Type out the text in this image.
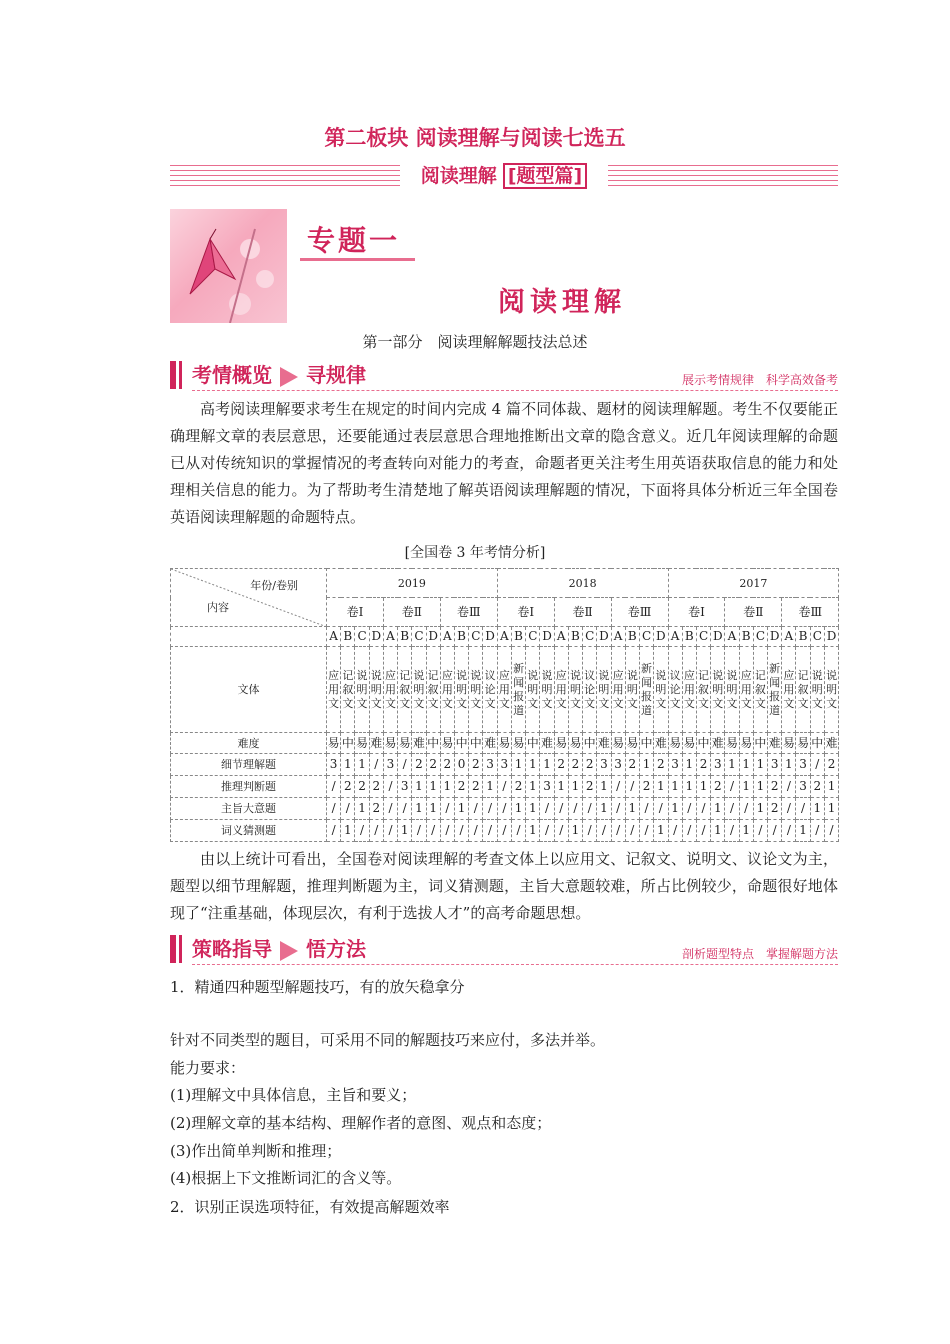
第二板块 阅读理解与阅读七选五
阅读理解 [题型篇]
专题一
阅读理解
第一部分　阅读理解解题技法总述
考情概览 寻规律	展示考情规律　科学高效备考
高考阅读理解要求考生在规定的时间内完成 4 篇不同体裁、题材的阅读理解题。考生不仅要能正确理解文章的表层意思，还要能通过表层意思合理地推断出文章的隐含意义。近几年阅读理解的命题已从对传统知识的掌握情况的考查转向对能力的考查，命题者更关注考生用英语获取信息的能力和处理相关信息的能力。为了帮助考生清楚地了解英语阅读理解题的情况，下面将具体分析近三年全国卷英语阅读理解题的命题特点。
[全国卷 3 年考情分析]
年份/卷别
内容	2019												2018												2017											
	卷Ⅰ				卷Ⅱ				卷Ⅲ				卷Ⅰ				卷Ⅱ				卷Ⅲ				卷Ⅰ				卷Ⅱ				卷Ⅲ			
	A	B	C	D	A	B	C	D	A	B	C	D	A	B	C	D	A	B	C	D	A	B	C	D	A	B	C	D	A	B	C	D	A	B	C	D
文体	应用文	记叙文	说明文	说明文	应用文	记叙文	说明文	记叙文	应用文	说明文	说明文	议论文	应用文	新闻报道	说明文	说明文	应用文	说明文	议论文	说明文	应用文	说明文	新闻报道	说明文	议论文	应用文	记叙文	说明文	说明文	应用文	记叙文	新闻报道	应用文	记叙文	说明文	说明文
难度	易	中	易	难	易	易	难	中	易	中	中	难	易	易	中	难	易	易	中	难	易	易	中	难	易	易	中	难	易	易	中	难	易	易	中	难
细节理解题	3	1	1	/	3	/	2	2	2	0	2	3	3	1	1	1	2	2	2	3	3	2	1	2	3	1	2	3	1	1	1	3	1	3	/	2
推理判断题	/	2	2	2	/	3	1	1	1	2	2	1	/	2	1	3	1	1	2	1	/	/	2	1	1	1	1	2	/	1	1	2	/	3	2	1
主旨大意题	/	/	1	2	/	/	1	1	/	1	/	/	/	1	1	/	/	/	/	1	/	1	/	/	1	/	/	1	/	/	1	2	/	/	1	1
词义猜测题	/	1	/	/	/	1	/	/	/	/	/	/	/	/	1	/	/	1	/	/	/	/	/	1	/	/	/	1	/	1	/	/	/	1	/	/
由以上统计可看出，全国卷对阅读理解的考查文体上以应用文、记叙文、说明文、议论文为主，题型以细节理解题，推理判断题为主，词义猜测题，主旨大意题较难，所占比例较少，命题很好地体现了“注重基础，体现层次，有利于选拔人才”的高考命题思想。
策略指导 悟方法	剖析题型特点　掌握解题方法
1．精通四种题型解题技巧，有的放矢稳拿分
针对不同类型的题目，可采用不同的解题技巧来应付，多法并举。
能力要求：
(1)理解文中具体信息，主旨和要义；
(2)理解文章的基本结构、理解作者的意图、观点和态度；
(3)作出简单判断和推理；
(4)根据上下文推断词汇的含义等。
2．识别正误选项特征，有效提高解题效率
